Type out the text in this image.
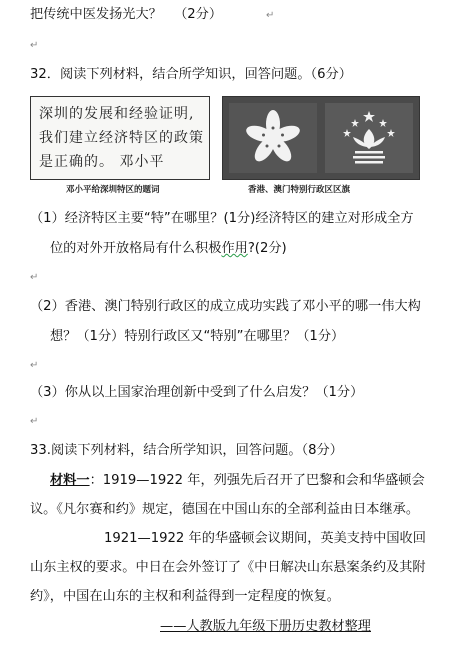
把传统中医发扬光大？ （2分）	↵
↵
32．阅读下列材料，结合所学知识，回答问题。（6分）
深圳的发展和经验证明,
我们建立经济特区的政策
是正确的。 邓小平
邓小平给深圳特区的题词	香港、澳门特别行政区区旗
（1）经济特区主要“特”在哪里？(1分)经济特区的建立对形成全方
位的对外开放格局有什么积极作用?(2分)
↵
（2）香港、澳门特别行政区的成立成功实践了邓小平的哪一伟大构
想？（1分）特别行政区又“特别”在哪里？（1分）
↵
（3）你从以上国家治理创新中受到了什么启发？（1分）
↵
33.阅读下列材料，结合所学知识，回答问题。（8分）
材料一：1919—1922 年，列强先后召开了巴黎和会和华盛顿会
议。《凡尔赛和约》规定，德国在中国山东的全部利益由日本继承。
1921—1922 年的华盛顿会议期间，英美支持中国收回
山东主权的要求。中日在会外签订了《中日解决山东悬案条约及其附
约》，中国在山东的主权和利益得到一定程度的恢复。
——人教版九年级下册历史教材整理
